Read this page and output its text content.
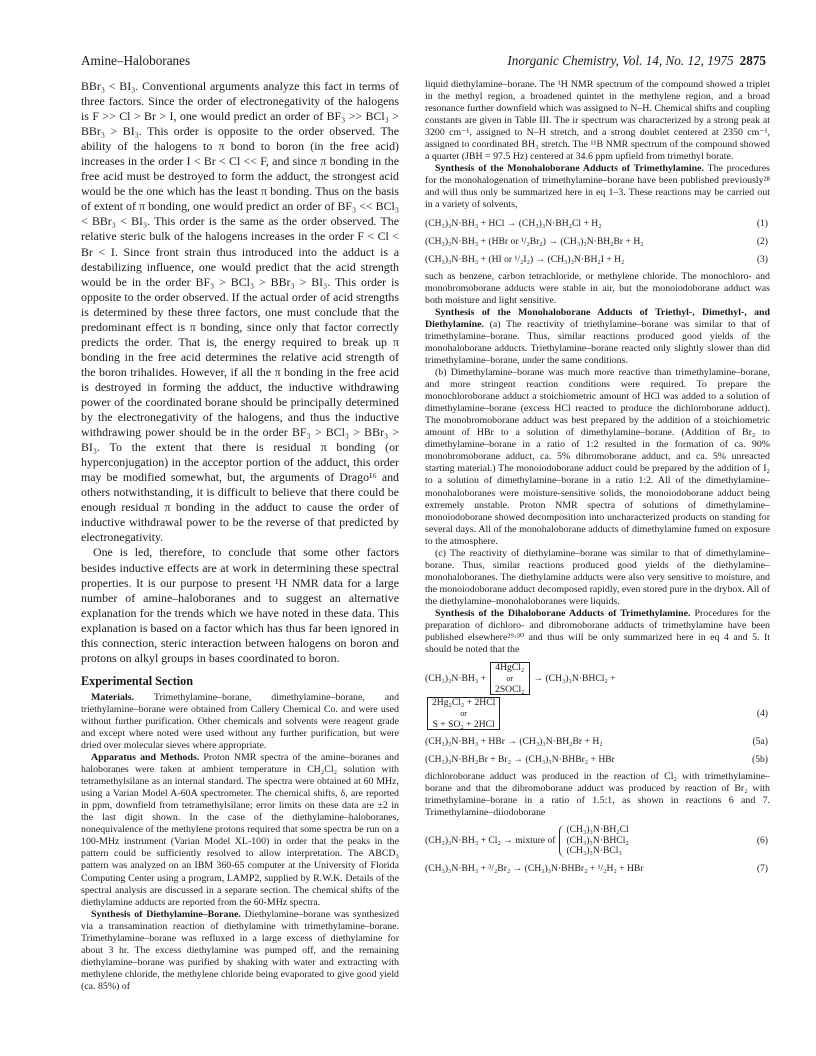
Amine–Haloboranes	Inorganic Chemistry, Vol. 14, No. 12, 1975 2875

BBr₃ < BI₃. Conventional arguments analyze this fact in terms of three factors. Since the order of electronegativity of the halogens is F >> Cl > Br > I, one would predict an order of BF₃ >> BCl₃ > BBr₃ > BI₃. This order is opposite to the order observed. The ability of the halogens to π bond to boron (in the free acid) increases in the order I < Br < Cl << F, and since π bonding in the free acid must be destroyed to form the adduct, the strongest acid would be the one which has the least π bonding. Thus on the basis of extent of π bonding, one would predict an order of BF₃ << BCl₃ < BBr₃ < BI₃. This order is the same as the order observed. The relative steric bulk of the halogens increases in the order F < Cl < Br < I. Since front strain thus introduced into the adduct is a destabilizing influence, one would predict that the acid strength would be in the order BF₃ > BCl₃ > BBr₃ > BI₃. This order is opposite to the order observed. If the actual order of acid strengths is determined by these three factors, one must conclude that the predominant effect is π bonding, since only that factor correctly predicts the order. That is, the energy required to break up π bonding in the free acid determines the relative acid strength of the boron trihalides. However, if all the π bonding in the free acid is destroyed in forming the adduct, the inductive withdrawing power of the coordinated borane should be principally determined by the electronegativity of the halogens, and thus the inductive withdrawing power should be in the order BF₃ > BCl₃ > BBr₃ > BI₃. To the extent that there is residual π bonding (or hyperconjugation) in the acceptor portion of the adduct, this order may be modified somewhat, but, the arguments of Drago¹⁶ and others notwithstanding, it is difficult to believe that there could be enough residual π bonding in the adduct to cause the order of inductive withdrawal power to be the reverse of that predicted by electronegativity.

One is led, therefore, to conclude that some other factors besides inductive effects are at work in determining these spectral properties. It is our purpose to present ¹H NMR data for a large number of amine–haloboranes and to suggest an alternative explanation for the trends which we have noted in these data. This explanation is based on a factor which has thus far been ignored in this connection, steric interaction between halogens on boron and protons on alkyl groups in bases coordinated to boron.

Experimental Section

Materials. Trimethylamine–borane, dimethylamine–borane, and triethylamine–borane were obtained from Callery Chemical Co. and were used without further purification. Other chemicals and solvents were reagent grade and except where noted were used without any further purification, but were dried over molecular sieves where appropriate.

Apparatus and Methods. Proton NMR spectra of the amine–boranes and haloboranes were taken at ambient temperature in CH₂Cl₂ solution with tetramethylsilane as an internal standard. The spectra were obtained at 60 MHz, using a Varian Model A-60A spectrometer. The chemical shifts, δ, are reported in ppm, downfield from tetramethylsilane; error limits on these data are ±2 in the last digit shown. In the case of the diethylamine–haloboranes, nonequivalence of the methylene protons required that some spectra be run on a 100-MHz instrument (Varian Model XL-100) in order that the peaks in the pattern could be sufficiently resolved to allow interpretation. The ABCD₃ pattern was analyzed on an IBM 360-65 computer at the University of Florida Computing Center using a program, LAMP2, supplied by R.W.K. Details of the spectral analysis are discussed in a separate section. The chemical shifts of the diethylamine adducts are reported from the 60-MHz spectra.

Synthesis of Diethylamine–Borane. Diethylamine–borane was synthesized via a transamination reaction of diethylamine with trimethylamine–borane. Trimethylamine–borane was refluxed in a large excess of diethylamine for about 3 hr. The excess diethylamine was pumped off, and the remaining diethylamine–borane was purified by shaking with water and extracting with methylene chloride, the methylene chloride being evaporated to give good yield (ca. 85%) of

liquid diethylamine–borane. The ¹H NMR spectrum of the compound showed a triplet in the methyl region, a broadened quintet in the methylene region, and a broad resonance further downfield which was assigned to N–H. Chemical shifts and coupling constants are given in Table III. The ir spectrum was characterized by a strong peak at 3200 cm⁻¹, assigned to N–H stretch, and a strong doublet centered at 2350 cm⁻¹, assigned to coordinated BH₃ stretch. The ¹¹B NMR spectrum of the compound showed a quartet (JBH = 97.5 Hz) centered at 34.6 ppm upfield from trimethyl borate.

Synthesis of the Monohaloborane Adducts of Trimethylamine. The procedures for the monohalogenation of trimethylamine–borane have been published previously²⁸ and will thus only be summarized here in eq 1–3. These reactions may be carried out in a variety of solvents,

(CH₃)₃N·BH₃ + HCl → (CH₃)₃N·BH₂Cl + H₂	(1)
(CH₃)₃N·BH₃ + (HBr or ¹/₂Br₂) → (CH₃)₃N·BH₂Br + H₂	(2)
(CH₃)₃N·BH₃ + (HI or ¹/₂I₂) → (CH₃)₃N·BH₂I + H₂	(3)

such as benzene, carbon tetrachloride, or methylene chloride. The monochloro- and monobromoborane adducts were stable in air, but the monoiodoborane adduct was both moisture and light sensitive.

Synthesis of the Monohaloborane Adducts of Triethyl-, Dimethyl-, and Diethylamine. (a) The reactivity of triethylamine–borane was similar to that of trimethylamine–borane. Thus, similar reactions produced good yields of the monohaloborane adducts. Triethylamine–borane reacted only slightly slower than did trimethylamine–borane, under the same conditions.

(b) Dimethylamine–borane was much more reactive than trimethylamine–borane, and more stringent reaction conditions were required. To prepare the monochloroborane adduct a stoichiometric amount of HCl was added to a solution of dimethylamine–borane (excess HCl reacted to produce the dichloroborane adduct). The monobromoborane adduct was best prepared by the addition of a stoichiometric amount of HBr to a solution of dimethylamine–borane. (Addition of Br₂ to dimethylamine–borane in a ratio of 1:2 resulted in the formation of ca. 90% monobromoborane adduct, ca. 5% dibromoborane adduct, and ca. 5% unreacted starting material.) The monoiodoborane adduct could be prepared by the addition of I₂ to a solution of dimethylamine–borane in a ratio 1:2. All of the dimethylamine–monohaloboranes were moisture-sensitive solids, the monoiodoborane adduct being extremely unstable. Proton NMR spectra of solutions of dimethylamine–monoiodoborane showed decomposition into uncharacterized products on standing for several days. All of the monohaloborane adducts of dimethylamine fumed on exposure to the atmosphere.

(c) The reactivity of diethylamine–borane was similar to that of dimethylamine–borane. Thus, similar reactions produced good yields of the diethylamine–monohaloboranes. The diethylamine adducts were also very sensitive to moisture, and the monoiodoborane adduct decomposed rapidly, even stored pure in the drybox. All of the diethylamine–monohaloboranes were liquids.

Synthesis of the Dihaloborane Adducts of Trimethylamine. Procedures for the preparation of dichloro- and dibromoborane adducts of trimethylamine have been published elsewhere²⁹·³⁰ and thus will be only summarized here in eq 4 and 5. It should be noted that the

(CH₃)₃N·BH₃ +
4HgCl₂
or
2SOCl₂
→ (CH₃)₃N·BHCl₂ +
2Hg₂Cl₂ + 2HCl
or
S + SO₂ + 2HCl
(4)
(CH₃)₃N·BH₃ + HBr → (CH₃)₃N·BH₂Br + H₂	(5a)
(CH₃)₃N·BH₂Br + Br₂ → (CH₃)₃N·BHBr₂ + HBr	(5b)

dichloroborane adduct was produced in the reaction of Cl₂ with trimethylamine–borane and that the dibromoborane adduct was produced by reaction of Br₂ with trimethylamine–borane in a ratio of 1.5:1, as shown in reactions 6 and 7. Trimethylamine–diiodoborane

(CH₃)₃N·BH₃ + Cl₂ → mixture of
(CH₃)₃N·BH₂Cl
(CH₃)₃N·BHCl₂
(CH₃)₃N·BCl₃
(6)
(CH₃)₃N·BH₃ + ³/₂Br₂ → (CH₃)₃N·BHBr₂ + ¹/₂H₂ + HBr	(7)
